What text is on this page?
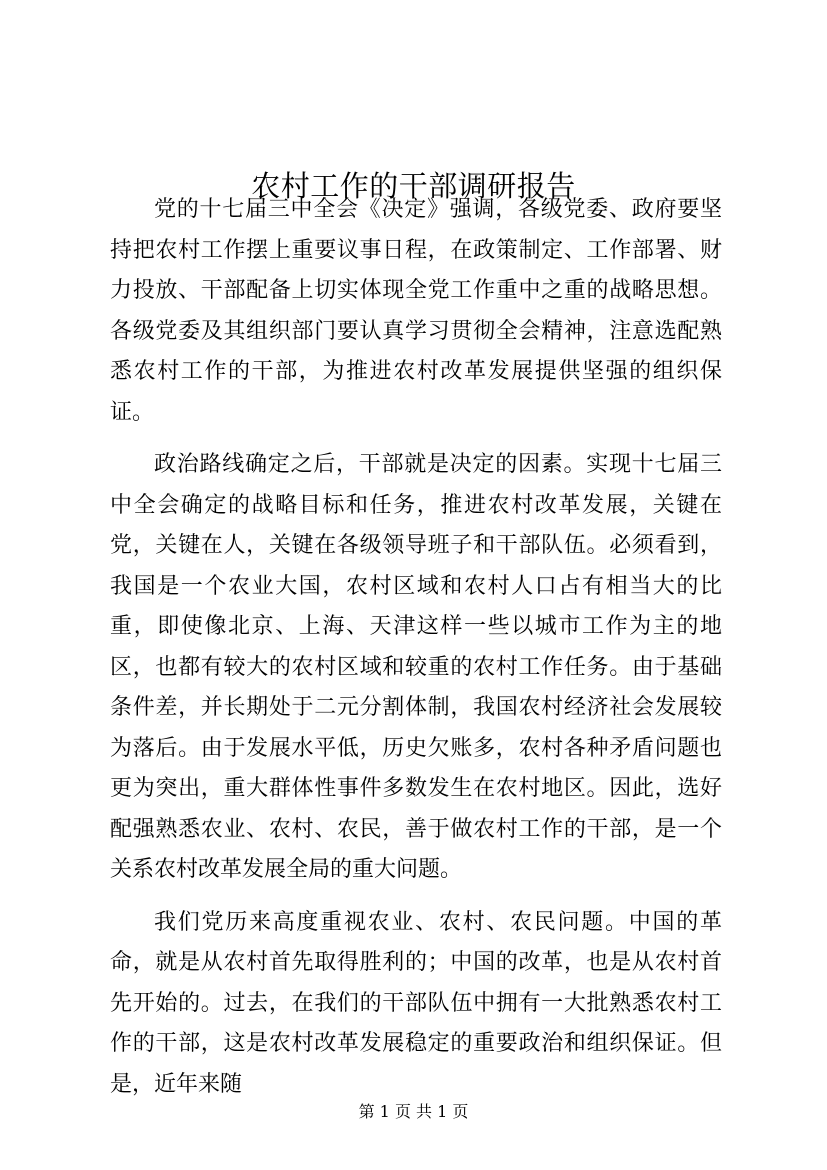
农村工作的干部调研报告

党的十七届三中全会《决定》强调，各级党委、政府要坚持把农村工作摆上重要议事日程，在政策制定、工作部署、财力投放、干部配备上切实体现全党工作重中之重的战略思想。各级党委及其组织部门要认真学习贯彻全会精神，注意选配熟悉农村工作的干部，为推进农村改革发展提供坚强的组织保证。

政治路线确定之后，干部就是决定的因素。实现十七届三中全会确定的战略目标和任务，推进农村改革发展，关键在党，关键在人，关键在各级领导班子和干部队伍。必须看到，我国是一个农业大国，农村区域和农村人口占有相当大的比重，即使像北京、上海、天津这样一些以城市工作为主的地区，也都有较大的农村区域和较重的农村工作任务。由于基础条件差，并长期处于二元分割体制，我国农村经济社会发展较为落后。由于发展水平低，历史欠账多，农村各种矛盾问题也更为突出，重大群体性事件多数发生在农村地区。因此，选好配强熟悉农业、农村、农民，善于做农村工作的干部，是一个关系农村改革发展全局的重大问题。

我们党历来高度重视农业、农村、农民问题。中国的革命，就是从农村首先取得胜利的；中国的改革，也是从农村首先开始的。过去，在我们的干部队伍中拥有一大批熟悉农村工作的干部，这是农村改革发展稳定的重要政治和组织保证。但是，近年来随

第 1 页 共 1 页
